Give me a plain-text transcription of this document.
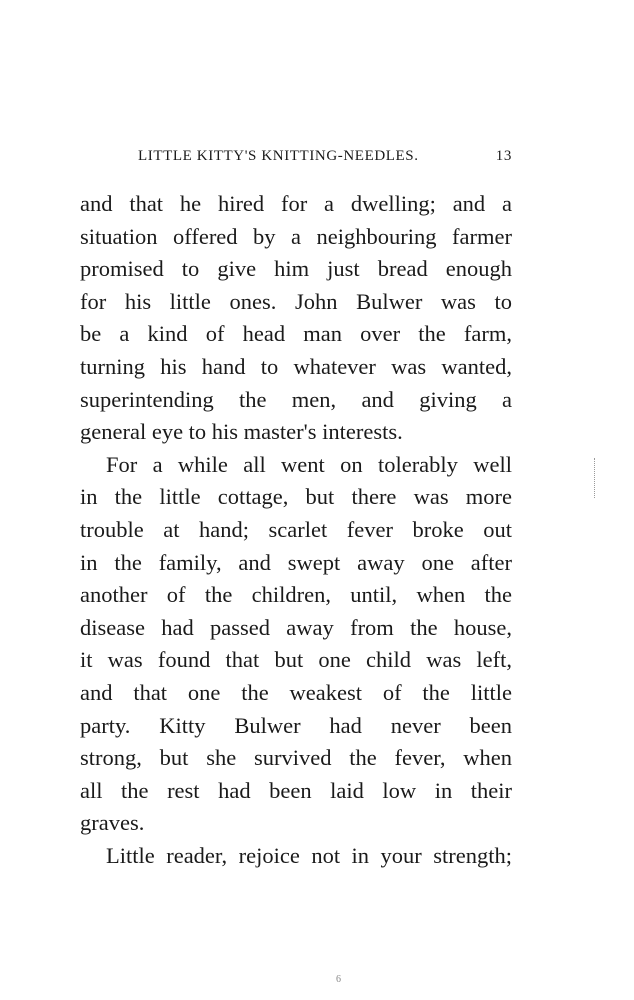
LITTLE KITTY'S KNITTING-NEEDLES.	13
and that he hired for a dwelling; and a
situation offered by a neighbouring farmer
promised to give him just bread enough
for his little ones. John Bulwer was to
be a kind of head man over the farm,
turning his hand to whatever was wanted,
superintending the men, and giving a
general eye to his master's interests.
For a while all went on tolerably well
in the little cottage, but there was more
trouble at hand; scarlet fever broke out
in the family, and swept away one after
another of the children, until, when the
disease had passed away from the house,
it was found that but one child was left,
and that one the weakest of the little
party. Kitty Bulwer had never been
strong, but she survived the fever, when
all the rest had been laid low in their
graves.
Little reader, rejoice not in your strength;
6
